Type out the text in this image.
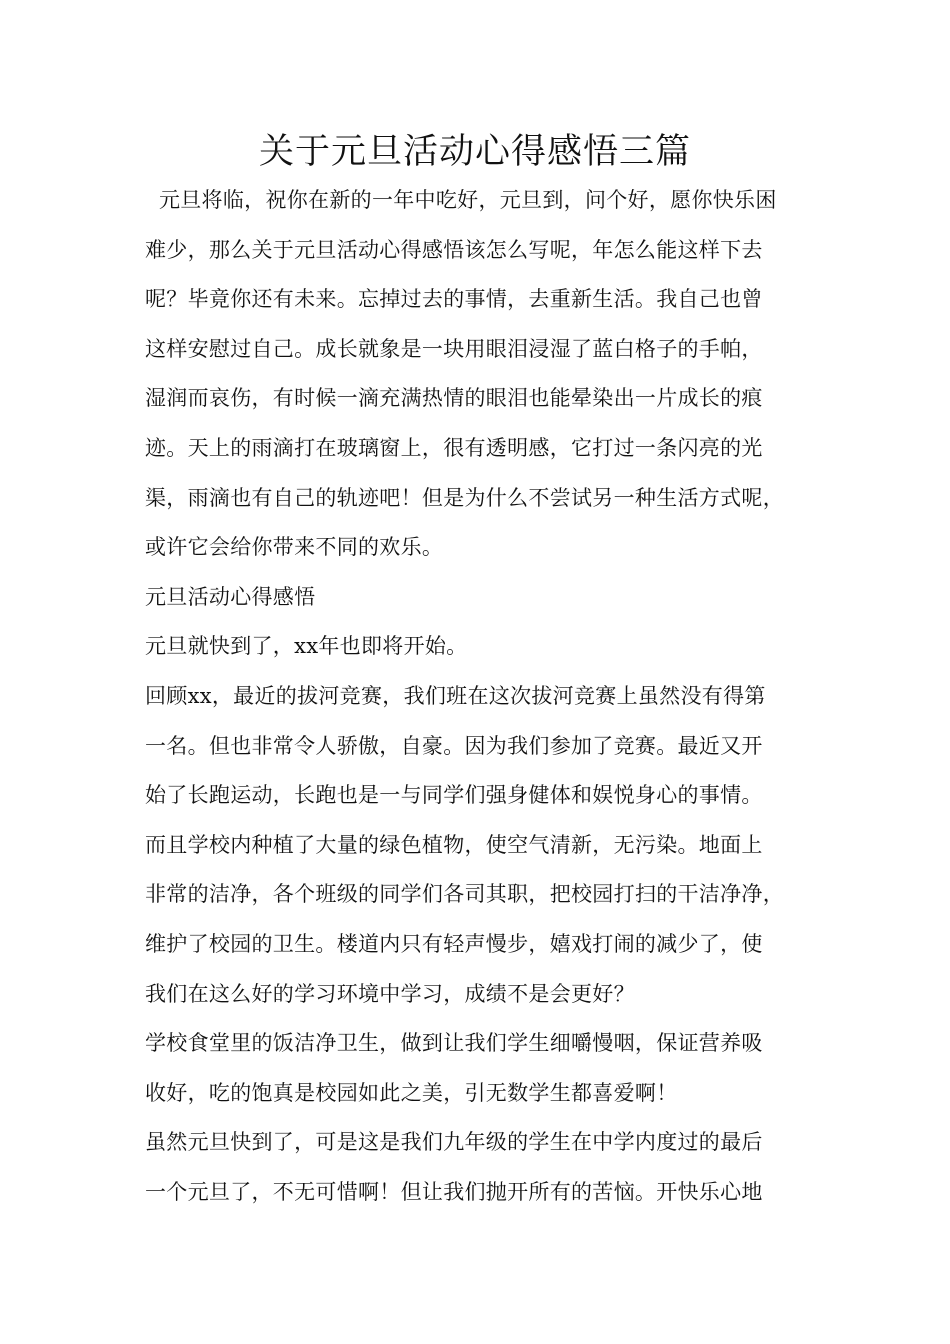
关于元旦活动心得感悟三篇
元旦将临，祝你在新的一年中吃好，元旦到，问个好，愿你快乐困
难少，那么关于元旦活动心得感悟该怎么写呢，年怎么能这样下去
呢？毕竟你还有未来。忘掉过去的事情，去重新生活。我自己也曾
这样安慰过自己。成长就象是一块用眼泪浸湿了蓝白格子的手帕，
湿润而哀伤，有时候一滴充满热情的眼泪也能晕染出一片成长的痕
迹。天上的雨滴打在玻璃窗上，很有透明感，它打过一条闪亮的光
渠，雨滴也有自己的轨迹吧！但是为什么不尝试另一种生活方式呢，
或许它会给你带来不同的欢乐。
元旦活动心得感悟
元旦就快到了，xx年也即将开始。
回顾xx，最近的拔河竞赛，我们班在这次拔河竞赛上虽然没有得第
一名。但也非常令人骄傲，自豪。因为我们参加了竞赛。最近又开
始了长跑运动，长跑也是一与同学们强身健体和娱悦身心的事情。
而且学校内种植了大量的绿色植物，使空气清新，无污染。地面上
非常的洁净，各个班级的同学们各司其职，把校园打扫的干洁净净，
维护了校园的卫生。楼道内只有轻声慢步，嬉戏打闹的减少了，使
我们在这么好的学习环境中学习，成绩不是会更好？
学校食堂里的饭洁净卫生，做到让我们学生细嚼慢咽，保证营养吸
收好，吃的饱真是校园如此之美，引无数学生都喜爱啊！
虽然元旦快到了，可是这是我们九年级的学生在中学内度过的最后
一个元旦了，不无可惜啊！但让我们抛开所有的苦恼。开快乐心地
